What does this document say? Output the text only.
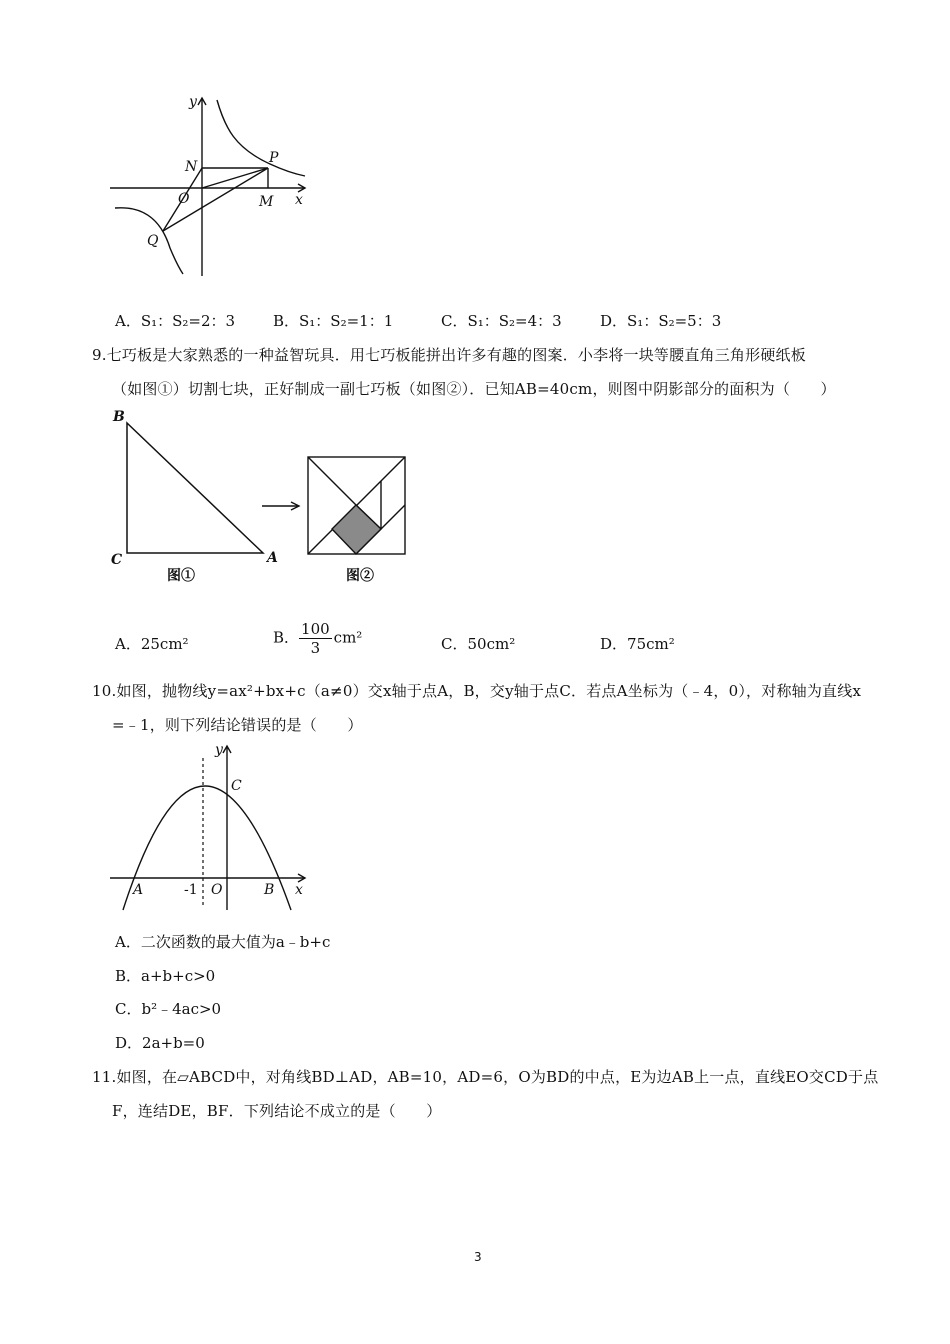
y
N
P
O	M x
Q
A．S₁：S₂=2：3	B．S₁：S₂=1：1	C．S₁：S₂=4：3	D．S₁：S₂=5：3
9.七巧板是大家熟悉的一种益智玩具．用七巧板能拼出许多有趣的图案．小李将一块等腰直角三角形硬纸板
（如图①）切割七块，正好制成一副七巧板（如图②）．已知AB=40cm，则图中阴影部分的面积为（　　）
B
C	A
图①	图②
A．25cm²	B． $\frac{100}{3} cm^2$	C．50cm²	D．75cm²
10.如图，抛物线y=ax²+bx+c（a≠0）交x轴于点A，B，交y轴于点C．若点A坐标为（﹣4，0），对称轴为直线x
=﹣1，则下列结论错误的是（　　）
y
C
A	-1 O	B x
A．二次函数的最大值为a﹣b+c
B．a+b+c>0
C．b²﹣4ac>0
D．2a+b=0
11.如图，在▱ABCD中，对角线BD⊥AD，AB=10，AD=6，O为BD的中点，E为边AB上一点，直线EO交CD于点
F，连结DE，BF．下列结论不成立的是（　　）
3
